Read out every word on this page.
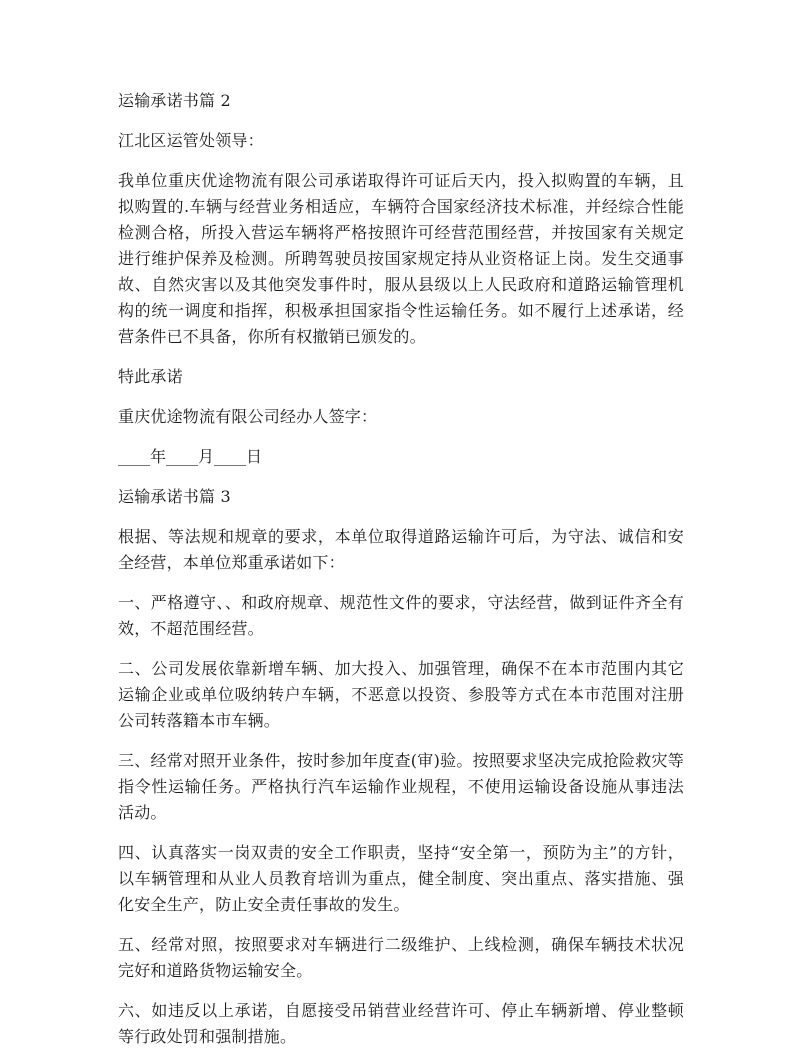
运输承诺书篇 2

江北区运管处领导：

我单位重庆优途物流有限公司承诺取得许可证后天内，投入拟购置的车辆，且拟购置的.车辆与经营业务相适应，车辆符合国家经济技术标准，并经综合性能检测合格，所投入营运车辆将严格按照许可经营范围经营，并按国家有关规定进行维护保养及检测。所聘驾驶员按国家规定持从业资格证上岗。发生交通事故、自然灾害以及其他突发事件时，服从县级以上人民政府和道路运输管理机构的统一调度和指挥，积极承担国家指令性运输任务。如不履行上述承诺，经营条件已不具备，你所有权撤销已颁发的。

特此承诺

重庆优途物流有限公司经办人签字：

____年____月____日

运输承诺书篇 3

根据、等法规和规章的要求，本单位取得道路运输许可后，为守法、诚信和安全经营，本单位郑重承诺如下：

一、严格遵守、、和政府规章、规范性文件的要求，守法经营，做到证件齐全有效，不超范围经营。

二、公司发展依靠新增车辆、加大投入、加强管理，确保不在本市范围内其它运输企业或单位吸纳转户车辆，不恶意以投资、参股等方式在本市范围对注册公司转落籍本市车辆。

三、经常对照开业条件，按时参加年度查(审)验。按照要求坚决完成抢险救灾等指令性运输任务。严格执行汽车运输作业规程，不使用运输设备设施从事违法活动。

四、认真落实一岗双责的安全工作职责，坚持“安全第一，预防为主”的方针，以车辆管理和从业人员教育培训为重点，健全制度、突出重点、落实措施、强化安全生产，防止安全责任事故的发生。

五、经常对照，按照要求对车辆进行二级维护、上线检测，确保车辆技术状况完好和道路货物运输安全。

六、如违反以上承诺，自愿接受吊销营业经营许可、停止车辆新增、停业整顿等行政处罚和强制措施。
